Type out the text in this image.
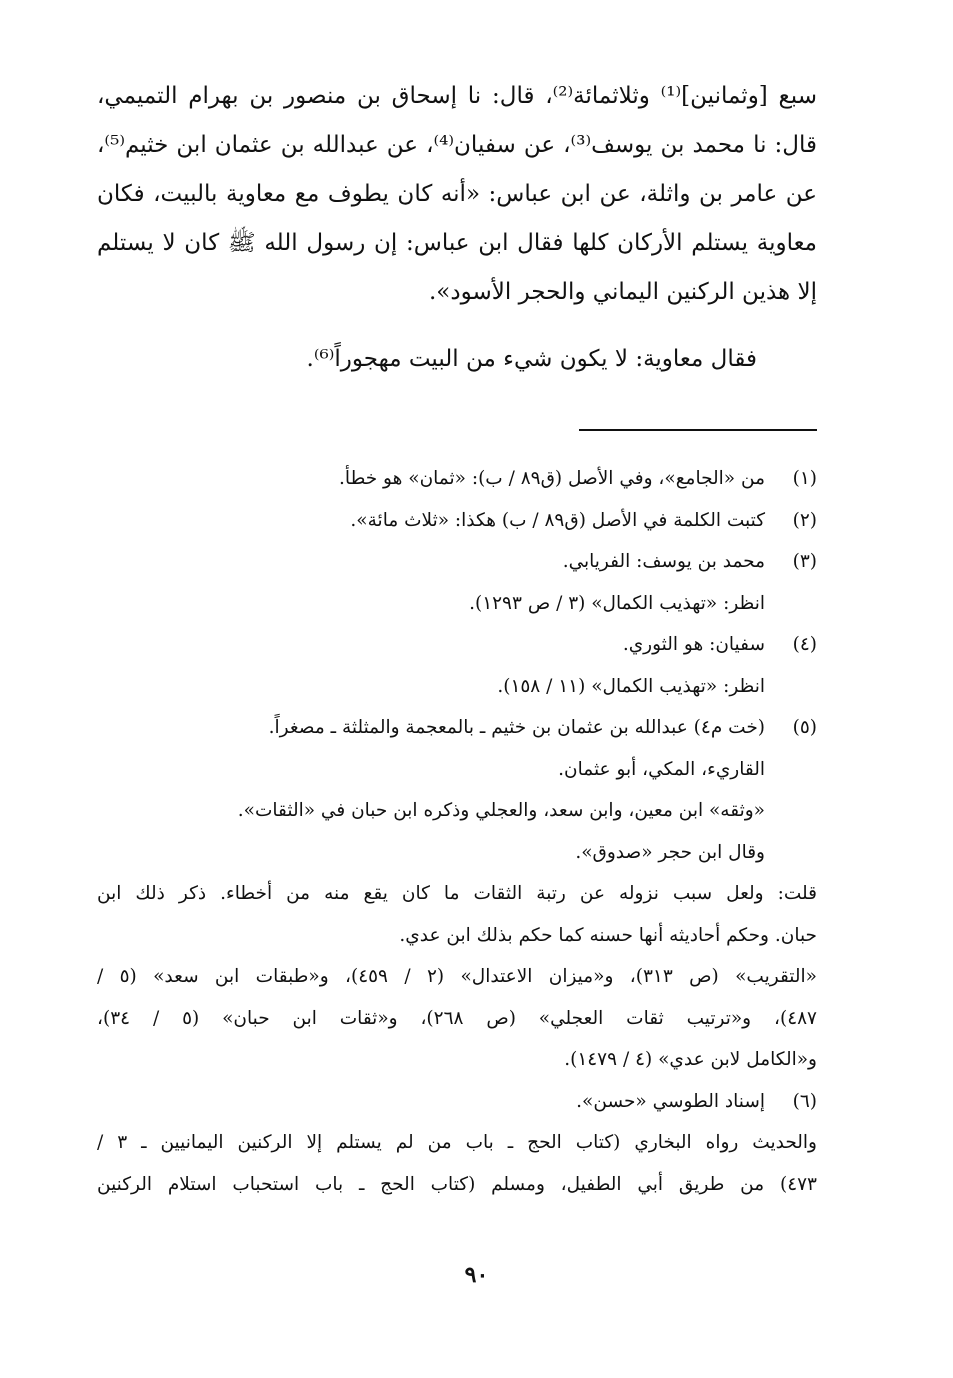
سبع [وثمانين]⁽¹⁾ وثلاثمائة⁽²⁾، قال: نا إسحاق بن منصور بن بهرام التميمي، قال: نا محمد بن يوسف⁽³⁾، عن سفيان⁽⁴⁾، عن عبدالله بن عثمان ابن خثيم⁽⁵⁾، عن عامر بن واثلة، عن ابن عباس: «أنه كان يطوف مع معاوية بالبيت، فكان معاوية يستلم الأركان كلها فقال ابن عباس: إن رسول الله ﷺ كان لا يستلم إلا هذين الركنين اليماني والحجر الأسود».

فقال معاوية: لا يكون شيء من البيت مهجوراً⁽⁶⁾.

(١)من «الجامع»، وفي الأصل (ق٨٩ / ب): «ثمان» هو خطأ.
(٢)كتبت الكلمة في الأصل (ق٨٩ / ب) هكذا: «ثلاث مائة».
(٣)محمد بن يوسف: الفريابي.
انظر: «تهذيب الكمال» (٣ / ص ١٢٩٣).
(٤)سفيان: هو الثوري.
انظر: «تهذيب الكمال» (١١ / ١٥٨).
(٥)(خت م٤) عبدالله بن عثمان بن خثيم ـ بالمعجمة والمثلثة ـ مصغراً.
القاريء، المكي، أبو عثمان.
«وثقه» ابن معين، وابن سعد، والعجلي وذكره ابن حبان في «الثقات».
وقال ابن حجر «صدوق».
قلت: ولعل سبب نزوله عن رتبة الثقات ما كان يقع منه من أخطاء. ذكر ذلك ابن
حبان. وحكم أحاديثه أنها حسنه كما حكم بذلك ابن عدي.
«التقريب» (ص ٣١٣)، و«ميزان الاعتدال» (٢ / ٤٥٩)، و«طبقات ابن سعد» (٥ /
٤٨٧)، و«ترتيب ثقات العجلي» (ص ٢٦٨)، و«ثقات ابن حبان» (٥ / ٣٤)،
و«الكامل لابن عدي» (٤ / ١٤٧٩).
(٦)إسناد الطوسي «حسن».
والحديث رواه البخاري (كتاب الحج ـ باب من لم يستلم إلا الركنين اليمانيين ـ ٣ /
٤٧٣) من طريق أبي الطفيل، ومسلم (كتاب الحج ـ باب استحباب استلام الركنين
٩٠
